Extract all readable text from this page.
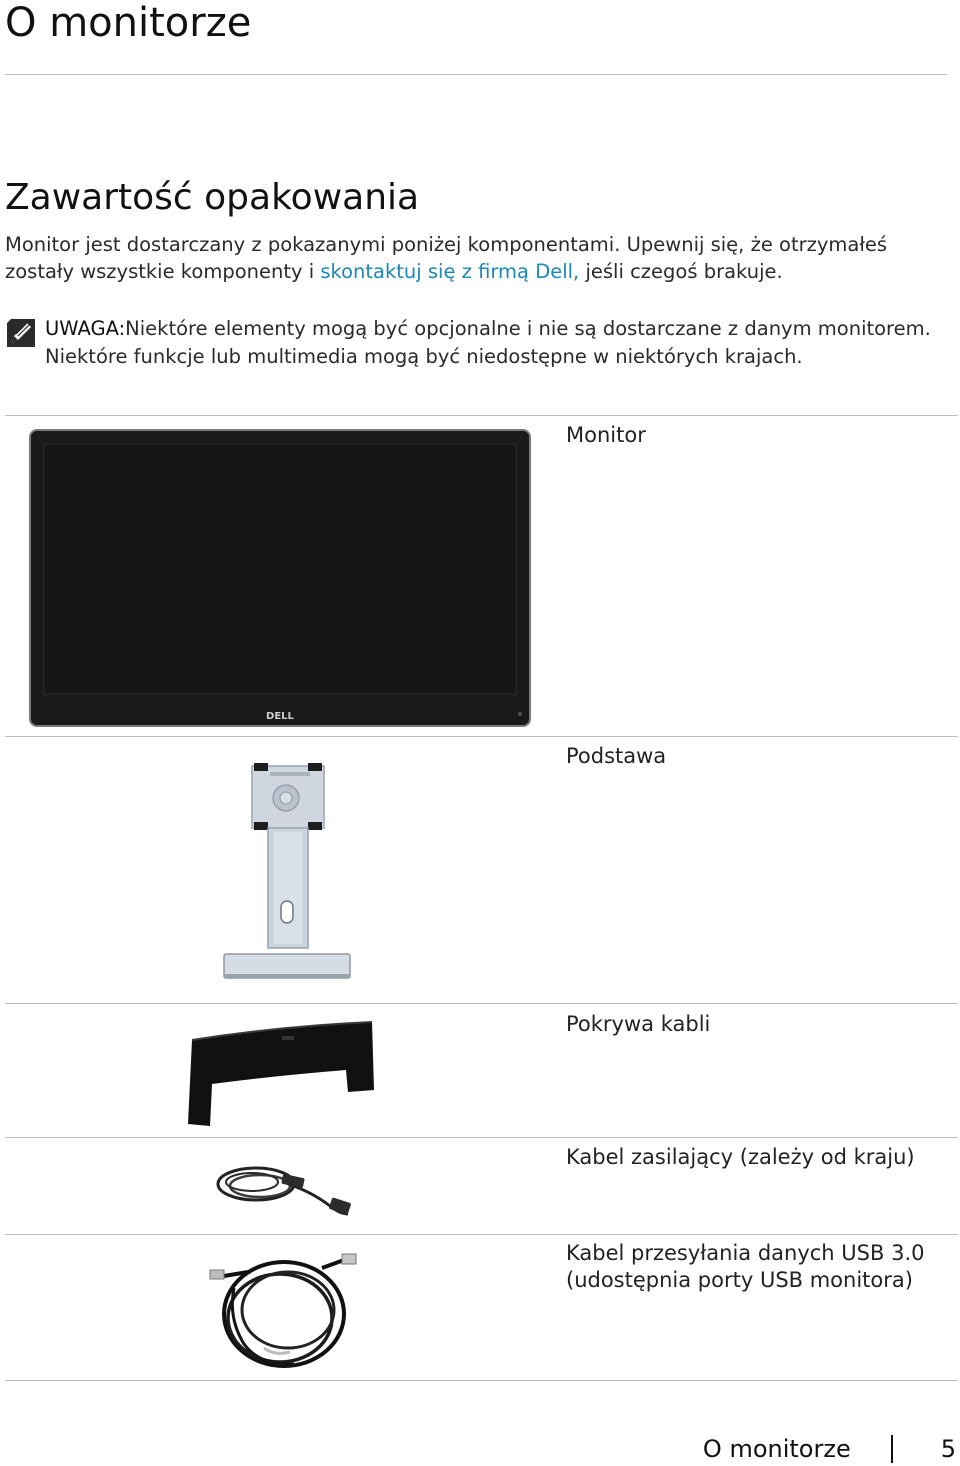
O monitorze
Zawartość opakowania

Monitor jest dostarczany z pokazanymi poniżej komponentami. Upewnij się, że otrzymałeś zostały wszystkie komponenty i skontaktuj się z firmą Dell, jeśli czegoś brakuje.

UWAGA:Niektóre elementy mogą być opcjonalne i nie są dostarczane z danym monitorem. Niektóre funkcje lub multimedia mogą być niedostępne w niektórych krajach.
DELL
Monitor
Podstawa
Pokrywa kabli
Kabel zasilający (zależy od kraju)
Kabel przesyłania danych USB 3.0 (udostępnia porty USB monitora)
O monitorze	5
